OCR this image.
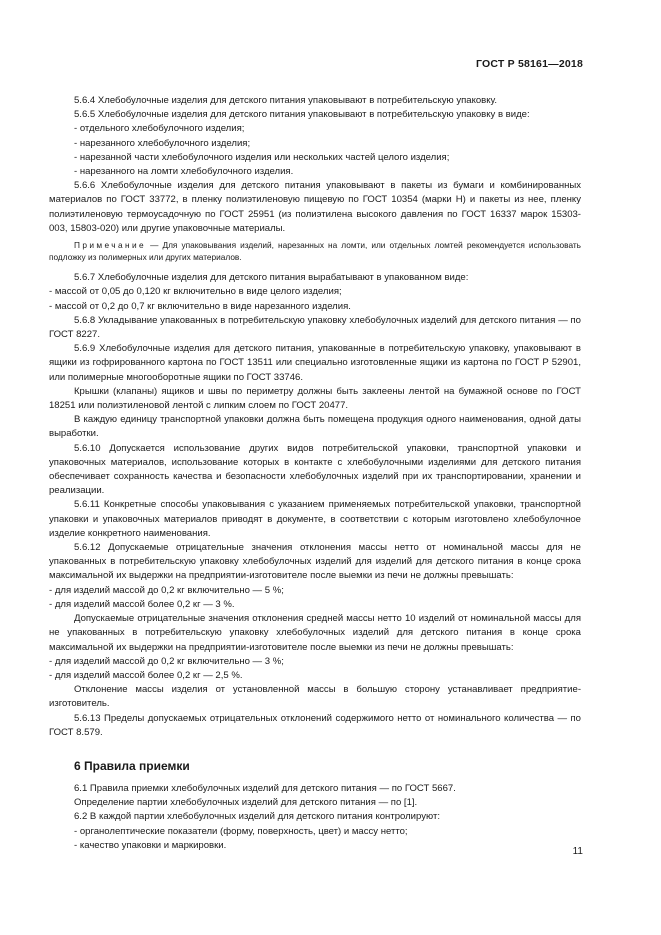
ГОСТ Р 58161—2018

5.6.4 Хлебобулочные изделия для детского питания упаковывают в потребительскую упаковку.

5.6.5 Хлебобулочные изделия для детского питания упаковывают в потребительскую упаковку в виде:

- отдельного хлебобулочного изделия;

- нарезанного хлебобулочного изделия;

- нарезанной части хлебобулочного изделия или нескольких частей целого изделия;

- нарезанного на ломти хлебобулочного изделия.

5.6.6 Хлебобулочные изделия для детского питания упаковывают в пакеты из бумаги и комбинированных материалов по ГОСТ 33772, в пленку полиэтиленовую пищевую по ГОСТ 10354 (марки Н) и пакеты из нее, пленку полиэтиленовую термоусадочную по ГОСТ 25951 (из полиэтилена высокого давления по ГОСТ 16337 марок 15303-003, 15803-020) или другие упаковочные материалы.

Примечание — Для упаковывания изделий, нарезанных на ломти, или отдельных ломтей рекомендуется использовать подложку из полимерных или других материалов.

5.6.7 Хлебобулочные изделия для детского питания вырабатывают в упакованном виде:

- массой от 0,05 до 0,120 кг включительно в виде целого изделия;

- массой от 0,2 до 0,7 кг включительно в виде нарезанного изделия.

5.6.8 Укладывание упакованных в потребительскую упаковку хлебобулочных изделий для детского питания — по ГОСТ 8227.

5.6.9 Хлебобулочные изделия для детского питания, упакованные в потребительскую упаковку, упаковывают в ящики из гофрированного картона по ГОСТ 13511 или специально изготовленные ящики из картона по ГОСТ Р 52901, или полимерные многооборотные ящики по ГОСТ 33746.

Крышки (клапаны) ящиков и швы по периметру должны быть заклеены лентой на бумажной основе по ГОСТ 18251 или полиэтиленовой лентой с липким слоем по ГОСТ 20477.

В каждую единицу транспортной упаковки должна быть помещена продукция одного наименования, одной даты выработки.

5.6.10 Допускается использование других видов потребительской упаковки, транспортной упаковки и упаковочных материалов, использование которых в контакте с хлебобулочными изделиями для детского питания обеспечивает сохранность качества и безопасности хлебобулочных изделий при их транспортировании, хранении и реализации.

5.6.11 Конкретные способы упаковывания с указанием применяемых потребительской упаковки, транспортной упаковки и упаковочных материалов приводят в документе, в соответствии с которым изготовлено хлебобулочное изделие конкретного наименования.

5.6.12 Допускаемые отрицательные значения отклонения массы нетто от номинальной массы для не упакованных в потребительскую упаковку хлебобулочных изделий для изделий для детского питания в конце срока максимальной их выдержки на предприятии-изготовителе после выемки из печи не должны превышать:

- для изделий массой до 0,2 кг включительно — 5 %;

- для изделий массой более 0,2 кг — 3 %.

Допускаемые отрицательные значения отклонения средней массы нетто 10 изделий от номинальной массы для не упакованных в потребительскую упаковку хлебобулочных изделий для детского питания в конце срока максимальной их выдержки на предприятии-изготовителе после выемки из печи не должны превышать:

- для изделий массой до 0,2 кг включительно — 3 %;

- для изделий массой более 0,2 кг — 2,5 %.

Отклонение массы изделия от установленной массы в большую сторону устанавливает предприятие-изготовитель.

5.6.13 Пределы допускаемых отрицательных отклонений содержимого нетто от номинального количества — по ГОСТ 8.579.

6 Правила приемки

6.1 Правила приемки хлебобулочных изделий для детского питания — по ГОСТ 5667.

Определение партии хлебобулочных изделий для детского питания — по [1].

6.2 В каждой партии хлебобулочных изделий для детского питания контролируют:

- органолептические показатели (форму, поверхность, цвет) и массу нетто;

- качество упаковки и маркировки.

11
